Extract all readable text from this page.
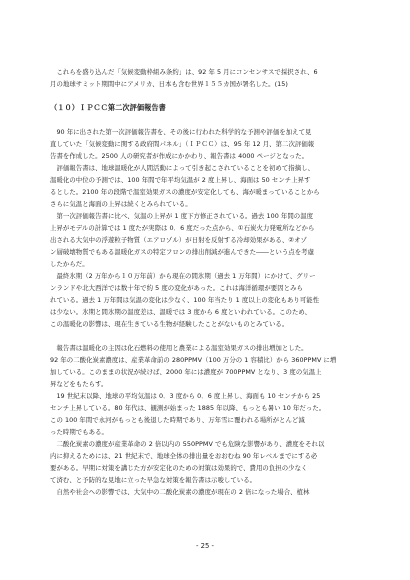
　これらを盛り込んだ「気候変動枠組み条約」は、92 年 5 月にコンセンサスで採択され、6
月の地球サミット期間中にアメリカ、日本も含む世界１５５カ国が署名した。(15)
（１０）ＩＰＣＣ第二次評価報告書
　90 年に出された第一次評価報告書を、その後に行われた科学的な予測や評価を加えて見
直していた「気候変動に関する政府間パネル」（ＩＰＣＣ）は、95 年 12 月、第二次評価報
告書を作成した。2500 人の研究者が作成にかかわり、報告書は 4000 ページとなった。
　評価報告書は、地球温暖化が人間活動によって引き起こされていることを初めて指摘し、
温暖化の中位の予測では、100 年間で年平均気温が 2 度上昇し、海面は 50 センチ上昇す
るとした。2100 年の段階で温室効果ガスの濃度が安定化しても、海が暖まっていることから
さらに気温と海面の上昇は続くとみられている。
　第一次評価報告書に比べ、気温の上昇が 1 度下方修正されている。過去 100 年間の温度
上昇がモデルの計算では 1 度たが実際は 0．6 度だった点から、①石炭火力発電所などから
出される大気中の浮遊粒子物質（エアロゾル）が日射を反射する冷却効果がある、②オゾ
ン層破壊物質でもある温暖化ガスの特定フロンの排出削減が進んできた――という点を考慮
したからだ。
　最終氷期（2 万年から１０万年前）から現在の間氷期（過去 1 万年間）にかけて、グリー
ンランドや北大西洋では数十年で約 5 度の変化があった。これは海洋循環が要因とみら
れている。過去 1 万年間は気温の変化は少なく、100 年当たり 1 度以上の変化もあり可能性
は少ない。氷期と間氷期の温度差は、温暖では 3 度から 6 度といわれている。このため、
この温暖化の影響は、現在生きている生物が経験したことがないものとみている。
　報告書は温暖化の主因は化石燃料の使用と農業による温室効果ガスの排出増加とした。
92 年の二酸化炭素濃度は、産業革命前の 280PPMV（100 万分の 1 容積比）から 360PPMV に増
加している。このままの状況が続けば、2000 年には濃度が 700PPMV となり、3 度の気温上
昇などをもたらす。
　19 世紀末以降、地球の平均気温は 0．3 度から 0．6 度上昇し、海面も 10 センチから 25
センチ上昇している。80 年代は、観測が始まった 1885 年以降、もっとも暑い 10 年だった。
この 100 年間で永河がもっとも後退した時期であり、万年雪に覆われる場所がとんど減
った時期でもある。
　二酸化炭素の濃度が産業革命の 2 倍以内の 550PPMV でも危険な影響があり、濃度をそれ以
内に抑えるためには、21 世紀末で、地球全体の排出量をおおむね 90 年レベルまでにする必
要がある。早期に対策を講じた方が安定化のための対策は効果的で、費用の負担の少なく
て済む、と予防的な見地に立った早急な対策を報告書は示唆している。
　自然や社会への影響では、大気中の二酸化炭素の濃度が現在の 2 倍になった場合、植林
- 25 -
